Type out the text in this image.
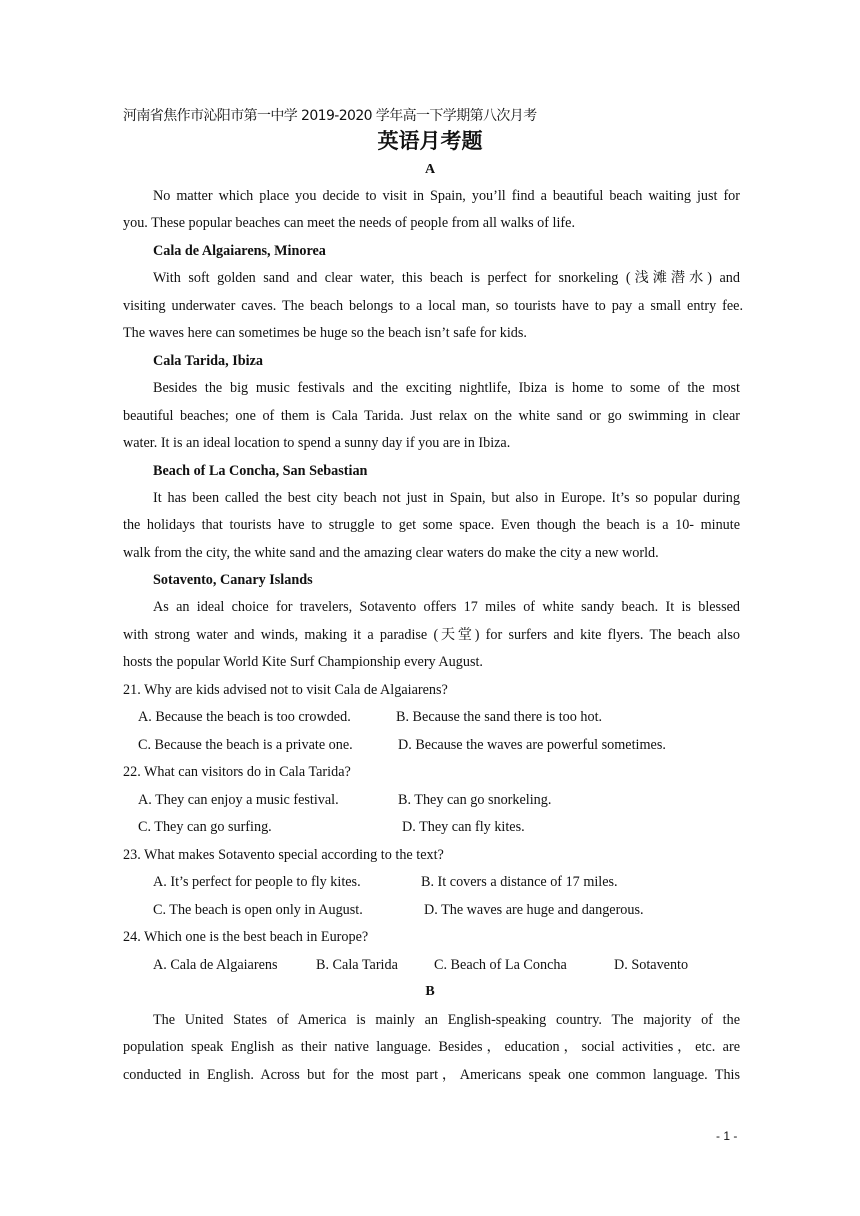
河南省焦作市沁阳市第一中学 2019-2020 学年高一下学期第八次月考
英语月考题
A
No matter which place you decide to visit in Spain, you’ll find a beautiful beach waiting just for
you. These popular beaches can meet the needs of people from all walks of life.
Cala de Algaiarens, Minorea
With soft golden sand and clear water, this beach is perfect for snorkeling (浅滩潜水) and
visiting underwater caves. The beach belongs to a local man, so tourists have to pay a small entry fee.
The waves here can sometimes be huge so the beach isn’t safe for kids.
Cala Tarida, Ibiza
Besides the big music festivals and the exciting nightlife, Ibiza is home to some of the most
beautiful beaches; one of them is Cala Tarida. Just relax on the white sand or go swimming in clear
water. It is an ideal location to spend a sunny day if you are in Ibiza.
Beach of La Concha, San Sebastian
It has been called the best city beach not just in Spain, but also in Europe. It’s so popular during
the holidays that tourists have to struggle to get some space. Even though the beach is a 10- minute
walk from the city, the white sand and the amazing clear waters do make the city a new world.
Sotavento, Canary Islands
As an ideal choice for travelers, Sotavento offers 17 miles of white sandy beach. It is blessed
with strong water and winds, making it a paradise (天堂) for surfers and kite flyers. The beach also
hosts the popular World Kite Surf Championship every August.
21. Why are kids advised not to visit Cala de Algaiarens?
A. Because the beach is too crowded.	B. Because the sand there is too hot.
C. Because the beach is a private one.	D. Because the waves are powerful sometimes.
22. What can visitors do in Cala Tarida?
A. They can enjoy a music festival.	B. They can go snorkeling.
C. They can go surfing.	D. They can fly kites.
23. What makes Sotavento special according to the text?
A. It’s perfect for people to fly kites.	B. It covers a distance of 17 miles.
C. The beach is open only in August.	D. The waves are huge and dangerous.
24. Which one is the best beach in Europe?
A. Cala de Algaiarens	B. Cala Tarida	C. Beach of La Concha	D. Sotavento
B
The United States of America is mainly an English-speaking country. The majority of the
population speak English as their native language. Besides，education，social activities，etc. are
conducted in English. Across but for the most part，Americans speak one common language. This
- 1 -
